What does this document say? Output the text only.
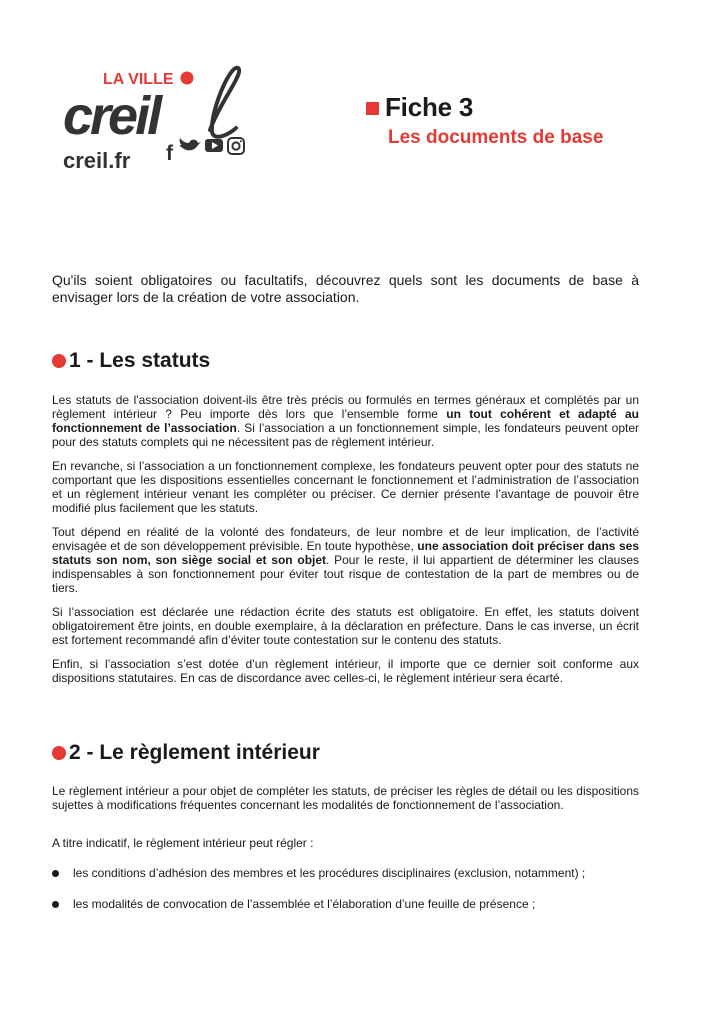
LA VILLE
creil
creil.fr f
Fiche 3
Les documents de base
Qu'ils soient obligatoires ou facultatifs, découvrez quels sont les documents de base à envisager lors de la création de votre association.
1 - Les statuts

Les statuts de l'association doivent-ils être très précis ou formulés en termes généraux et complétés par un règlement intérieur ? Peu importe dès lors que l’ensemble forme un tout cohérent et adapté au fonctionnement de l’association. Si l’association a un fonctionnement simple, les fondateurs peuvent opter pour des statuts complets qui ne nécessitent pas de règlement intérieur.

En revanche, si l’association a un fonctionnement complexe, les fondateurs peuvent opter pour des statuts ne comportant que les dispositions essentielles concernant le fonctionnement et l’administration de l’association et un règlement intérieur venant les compléter ou préciser. Ce dernier présente l’avantage de pouvoir être modifié plus facilement que les statuts.

Tout dépend en réalité de la volonté des fondateurs, de leur nombre et de leur implication, de l’activité envisagée et de son développement prévisible. En toute hypothèse, une association doit préciser dans ses statuts son nom, son siège social et son objet. Pour le reste, il lui appartient de déterminer les clauses indispensables à son fonctionnement pour éviter tout risque de contestation de la part de membres ou de tiers.

Si l’association est déclarée une rédaction écrite des statuts est obligatoire. En effet, les statuts doivent obligatoirement être joints, en double exemplaire, à la déclaration en préfecture. Dans le cas inverse, un écrit est fortement recommandé afin d’éviter toute contestation sur le contenu des statuts.

Enfin, si l’association s’est dotée d’un règlement intérieur, il importe que ce dernier soit conforme aux dispositions statutaires. En cas de discordance avec celles-ci, le règlement intérieur sera écarté.

2 - Le règlement intérieur

Le règlement intérieur a pour objet de compléter les statuts, de préciser les règles de détail ou les dispositions sujettes à modifications fréquentes concernant les modalités de fonctionnement de l’association.

A titre indicatif, le règlement intérieur peut régler :
les conditions d’adhésion des membres et les procédures disciplinaires (exclusion, notamment) ;
les modalités de convocation de l’assemblée et l’élaboration d’une feuille de présence ;
